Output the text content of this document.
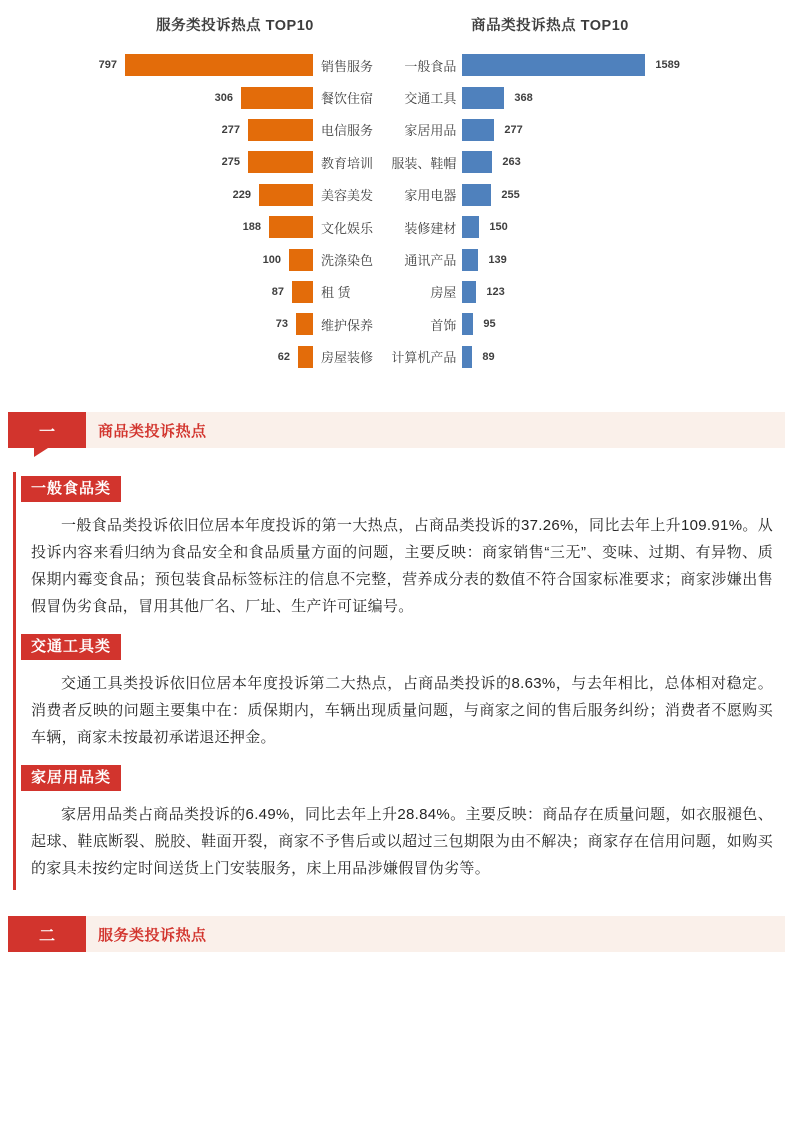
服务类投诉热点 TOP10
797	销售服务
306	餐饮住宿
277	电信服务
275	教育培训
229	美容美发
188	文化娱乐
100	洗涤染色
87	租 赁
73	维护保养
62 房屋装修
商品类投诉热点 TOP10
一般食品	1589
交通工具	368
家居用品	277
服装、鞋帽	263
家用电器	255
装修建材	150
通讯产品	139
房屋	123
首饰 95
计算机产品 89
一	商品类投诉热点
一般食品类

一般食品类投诉依旧位居本年度投诉的第一大热点，占商品类投诉的37.26%，同比去年上升109.91%。从投诉内容来看归纳为食品安全和食品质量方面的问题，主要反映：商家销售“三无”、变味、过期、有异物、质保期内霉变食品；预包装食品标签标注的信息不完整，营养成分表的数值不符合国家标准要求；商家涉嫌出售假冒伪劣食品，冒用其他厂名、厂址、生产许可证编号。

交通工具类

交通工具类投诉依旧位居本年度投诉第二大热点，占商品类投诉的8.63%，与去年相比，总体相对稳定。消费者反映的问题主要集中在：质保期内，车辆出现质量问题，与商家之间的售后服务纠纷；消费者不愿购买车辆，商家未按最初承诺退还押金。

家居用品类

家居用品类占商品类投诉的6.49%，同比去年上升28.84%。主要反映：商品存在质量问题，如衣服褪色、起球、鞋底断裂、脱胶、鞋面开裂，商家不予售后或以超过三包期限为由不解决；商家存在信用问题，如购买的家具未按约定时间送货上门安装服务，床上用品涉嫌假冒伪劣等。

二	服务类投诉热点
